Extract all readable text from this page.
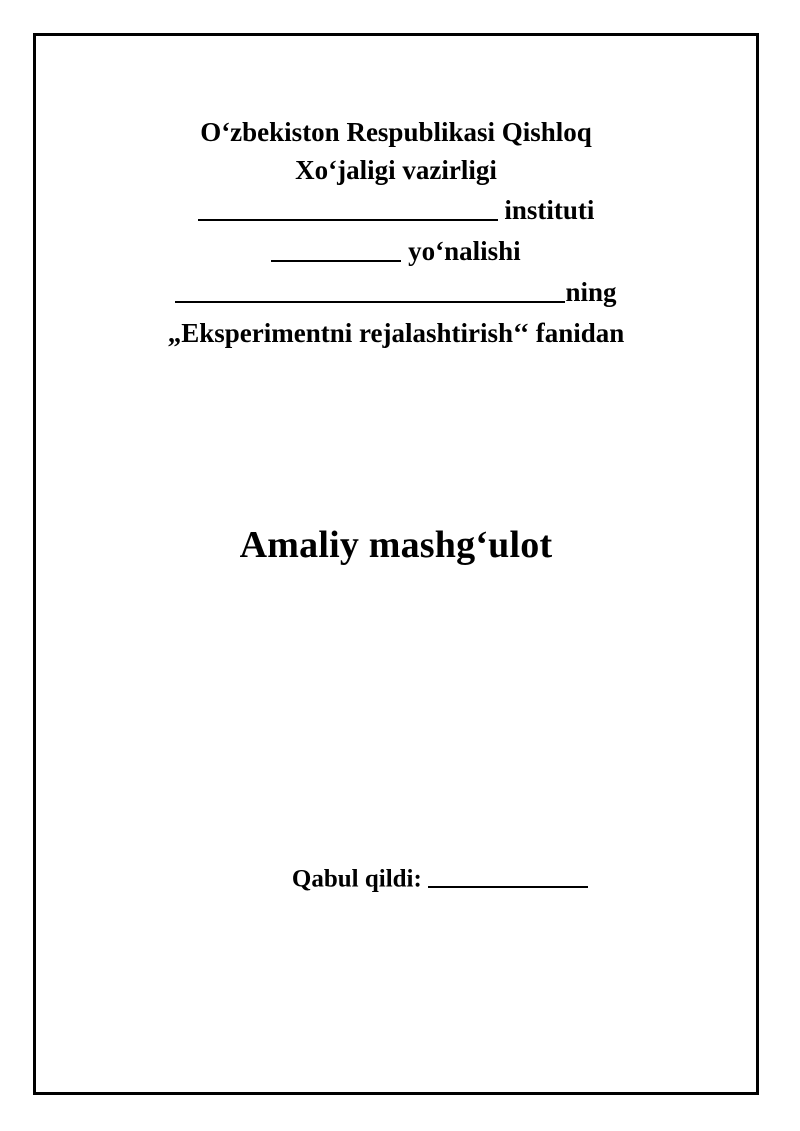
O‘zbekiston Respublikasi Qishloq
Xo‘jaligi vazirligi
instituti
yo‘nalishi
ning
„Eksperimentni rejalashtirish‘‘ fanidan
Amaliy mashg‘ulot
Qabul qildi:
